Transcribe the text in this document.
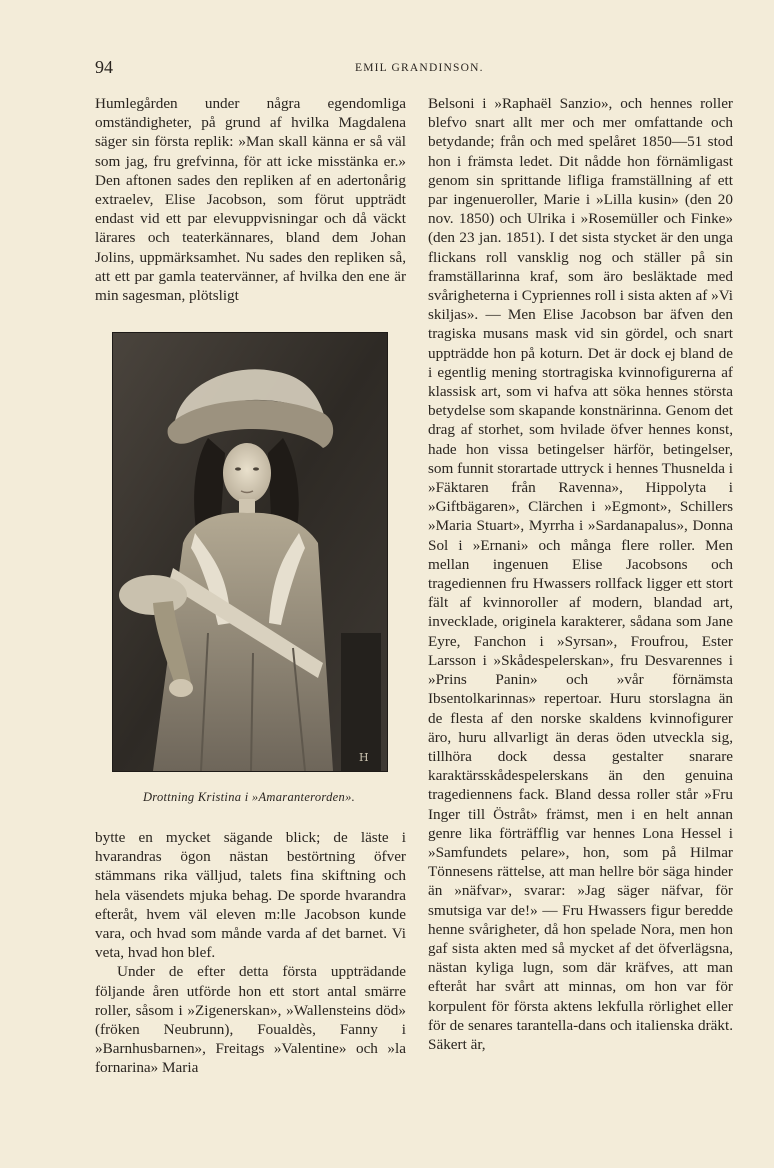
94	EMIL GRANDINSON.

Humlegården under några egendomliga omständigheter, på grund af hvilka Magdalena säger sin första replik: »Man skall känna er så väl som jag, fru grefvinna, för att icke misstänka er.» Den aftonen sades den repliken af en adertonårig extraelev, Elise Jacobson, som förut uppträdt endast vid ett par elevuppvisningar och då väckt lärares och teaterkännares, bland dem Johan Jolins, uppmärksamhet. Nu sades den repliken så, att ett par gamla teatervänner, af hvilka den ene är min sagesman, plötsligt

H
Drottning Kristina i »Amaranterorden».

bytte en mycket sägande blick; de läste i hvarandras ögon nästan bestörtning öfver stämmans rika välljud, talets fina skiftning och hela väsendets mjuka behag. De sporde hvarandra efteråt, hvem väl eleven m:lle Jacobson kunde vara, och hvad som månde varda af det barnet. Vi veta, hvad hon blef.

Under de efter detta första uppträdande följande åren utförde hon ett stort antal smärre roller, såsom i »Zigenerskan», »Wallensteins död» (fröken Neubrunn), Foualdès, Fanny i »Barnhusbarnen», Freitags »Valentine» och »la fornarina» Maria

Belsoni i »Raphaël Sanzio», och hennes roller blefvo snart allt mer och mer omfattande och betydande; från och med spelåret 1850—51 stod hon i främsta ledet. Dit nådde hon förnämligast genom sin sprittande lifliga framställning af ett par ingenueroller, Marie i »Lilla kusin» (den 20 nov. 1850) och Ulrika i »Rosemüller och Finke» (den 23 jan. 1851). I det sista stycket är den unga flickans roll vansklig nog och ställer på sin framställarinna kraf, som äro besläktade med svårigheterna i Cypriennes roll i sista akten af »Vi skiljas». — Men Elise Jacobson bar äfven den tragiska musans mask vid sin gördel, och snart uppträdde hon på koturn. Det är dock ej bland de i egentlig mening stortragiska kvinnofigurerna af klassisk art, som vi hafva att söka hennes största betydelse som skapande konstnärinna. Genom det drag af storhet, som hvilade öfver hennes konst, hade hon vissa betingelser härför, betingelser, som funnit storartade uttryck i hennes Thusnelda i »Fäktaren från Ravenna», Hippolyta i »Giftbägaren», Clärchen i »Egmont», Schillers »Maria Stuart», Myrrha i »Sardanapalus», Donna Sol i »Ernani» och många flere roller. Men mellan ingenuen Elise Jacobsons och tragediennen fru Hwassers rollfack ligger ett stort fält af kvinnoroller af modern, blandad art, invecklade, originela karakterer, sådana som Jane Eyre, Fanchon i »Syrsan», Froufrou, Ester Larsson i »Skådespelerskan», fru Desvarennes i »Prins Panin» och »vår förnämsta Ibsentolkarinnas» repertoar. Huru storslagna än de flesta af den norske skaldens kvinnofigurer äro, huru allvarligt än deras öden utveckla sig, tillhöra dock dessa gestalter snarare karaktärsskådespelerskans än den genuina tragediennens fack. Bland dessa roller står »Fru Inger till Östråt» främst, men i en helt annan genre lika förträfflig var hennes Lona Hessel i »Samfundets pelare», hon, som på Hilmar Tönnesens rättelse, att man hellre bör säga hinder än »näfvar», svarar: »Jag säger näfvar, för smutsiga var de!» — Fru Hwassers figur beredde henne svårigheter, då hon spelade Nora, men hon gaf sista akten med så mycket af det öfverlägsna, nästan kyliga lugn, som där kräfves, att man efteråt har svårt att minnas, om hon var för korpulent för första aktens lekfulla rörlighet eller för de senares tarantella-dans och italienska dräkt. Säkert är,
